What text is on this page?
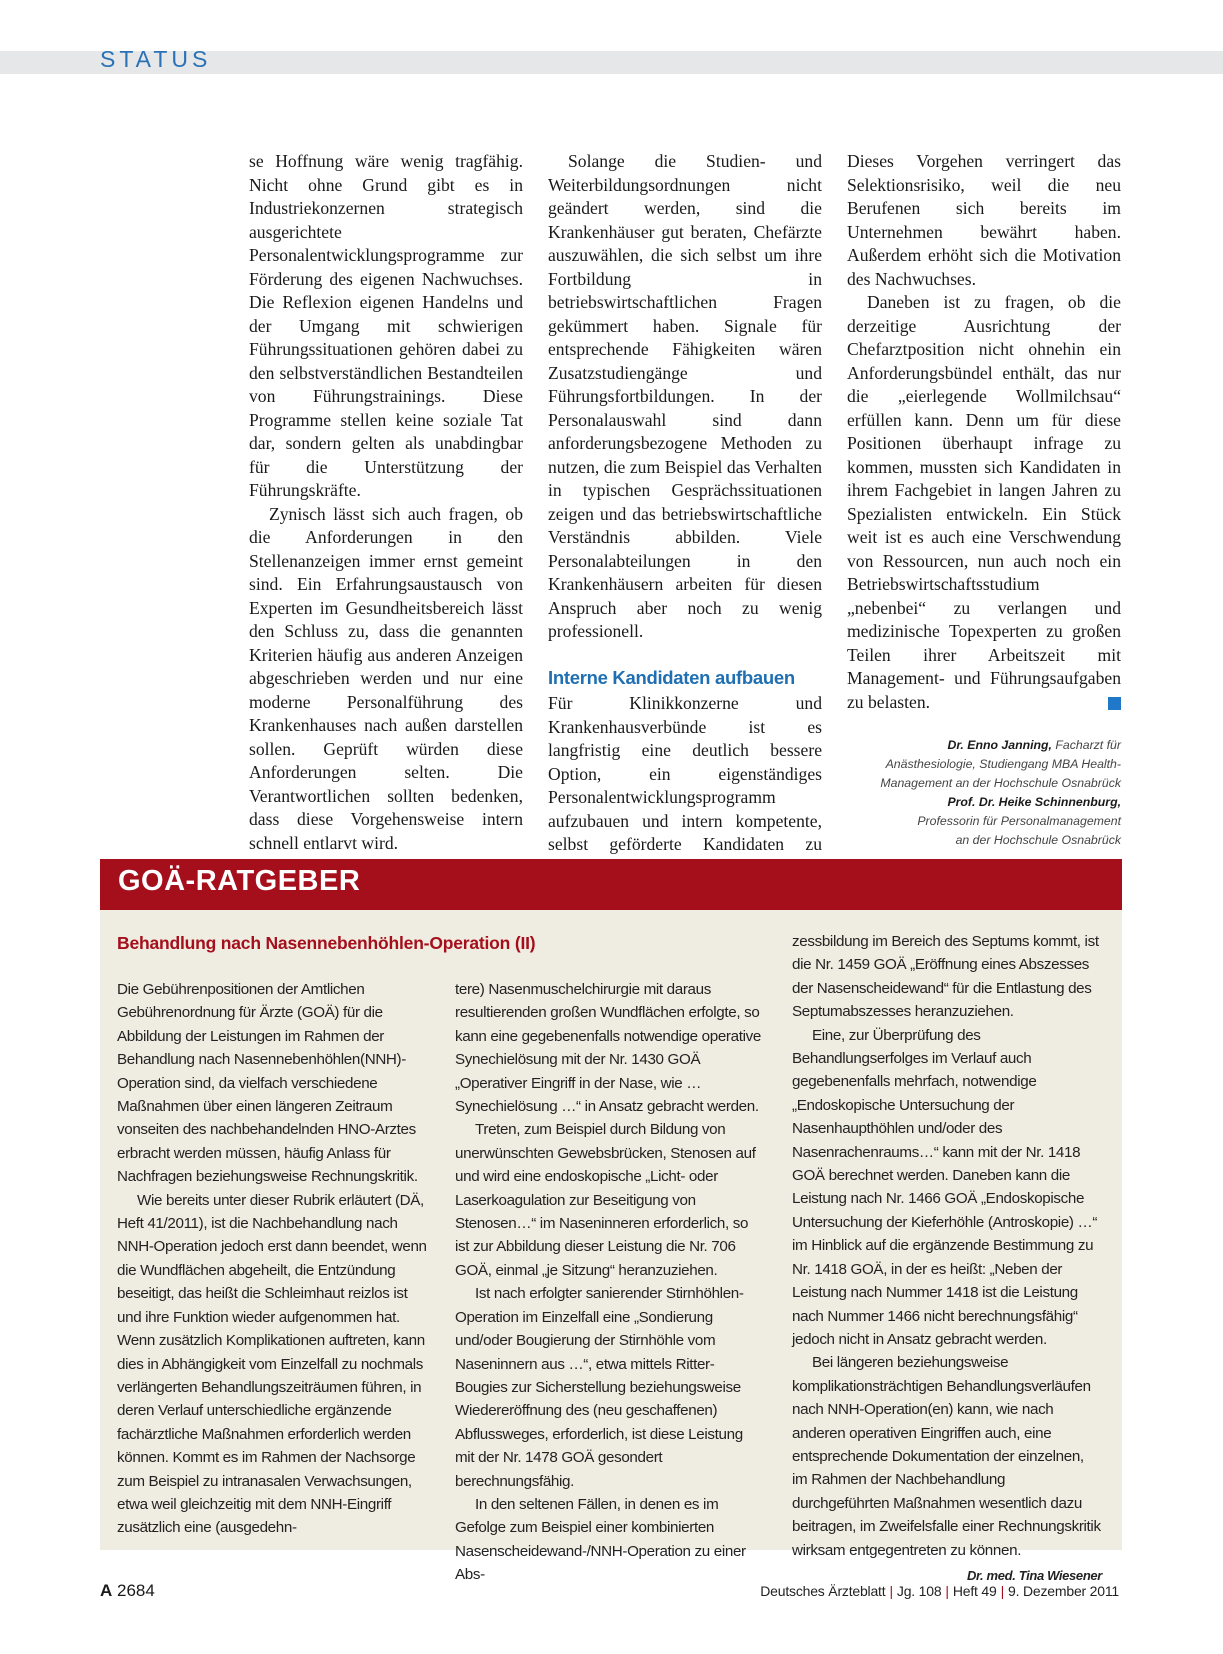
STATUS

se Hoffnung wäre wenig tragfähig. Nicht ohne Grund gibt es in Industriekonzernen strategisch ausgerichtete Personalentwicklungsprogramme zur Förderung des eigenen Nachwuchses. Die Reflexion eigenen Handelns und der Umgang mit schwierigen Führungssituationen gehören dabei zu den selbstverständlichen Bestandteilen von Führungstrainings. Diese Programme stellen keine soziale Tat dar, sondern gelten als unabdingbar für die Unterstützung der Führungskräfte.

Zynisch lässt sich auch fragen, ob die Anforderungen in den Stellenanzeigen immer ernst gemeint sind. Ein Erfahrungsaustausch von Experten im Gesundheitsbereich lässt den Schluss zu, dass die genannten Kriterien häufig aus anderen Anzeigen abgeschrieben werden und nur eine moderne Personalführung des Krankenhauses nach außen darstellen sollen. Geprüft würden diese Anforderungen selten. Die Verantwortlichen sollten bedenken, dass diese Vorgehensweise intern schnell entlarvt wird.

Solange die Studien- und Weiterbildungsordnungen nicht geändert werden, sind die Krankenhäuser gut beraten, Chefärzte auszuwählen, die sich selbst um ihre Fortbildung in betriebswirtschaftlichen Fragen gekümmert haben. Signale für entsprechende Fähigkeiten wären Zusatzstudiengänge und Führungsfortbildungen. In der Personalauswahl sind dann anforderungsbezogene Methoden zu nutzen, die zum Beispiel das Verhalten in typischen Gesprächssituationen zeigen und das betriebswirtschaftliche Verständnis abbilden. Viele Personalabteilungen in den Krankenhäusern arbeiten für diesen Anspruch aber noch zu wenig professionell.

Interne Kandidaten aufbauen

Für Klinikkonzerne und Krankenhausverbünde ist es langfristig eine deutlich bessere Option, ein eigenständiges Personalentwicklungsprogramm aufzubauen und intern kompetente, selbst geförderte Kandidaten zu

Dieses Vorgehen verringert das Selektionsrisiko, weil die neu Berufenen sich bereits im Unternehmen bewährt haben. Außerdem erhöht sich die Motivation des Nachwuchses.

Daneben ist zu fragen, ob die derzeitige Ausrichtung der Chefarztposition nicht ohnehin ein Anforderungsbündel enthält, das nur die „eierlegende Wollmilchsau“ erfüllen kann. Denn um für diese Positionen überhaupt infrage zu kommen, mussten sich Kandidaten in ihrem Fachgebiet in langen Jahren zu Spezialisten entwickeln. Ein Stück weit ist es auch eine Verschwendung von Ressourcen, nun auch noch ein Betriebswirtschaftsstudium „nebenbei“ zu verlangen und medizinische Topexperten zu großen Teilen ihrer Arbeitszeit mit Management- und Führungsaufgaben zu belasten.

Dr. Enno Janning, Facharzt für
Anästhesiologie, Studiengang MBA Health-
Management an der Hochschule Osnabrück
Prof. Dr. Heike Schinnenburg,
Professorin für Personalmanagement
an der Hochschule Osnabrück

GOÄ-RATGEBER
Behandlung nach Nasennebenhöhlen-Operation (II)

Die Gebührenpositionen der Amtlichen Gebührenordnung für Ärzte (GOÄ) für die Abbildung der Leistungen im Rahmen der Behandlung nach Nasennebenhöhlen(NNH)-Operation sind, da vielfach verschiedene Maßnahmen über einen längeren Zeitraum vonseiten des nachbehandelnden HNO-Arztes erbracht werden müssen, häufig Anlass für Nachfragen beziehungsweise Rechnungskritik.

Wie bereits unter dieser Rubrik erläutert (DÄ, Heft 41/2011), ist die Nachbehandlung nach NNH-Operation jedoch erst dann beendet, wenn die Wundflächen abgeheilt, die Entzündung beseitigt, das heißt die Schleimhaut reizlos ist und ihre Funktion wieder aufgenommen hat. Wenn zusätzlich Komplikationen auftreten, kann dies in Abhängigkeit vom Einzelfall zu nochmals verlängerten Behandlungszeiträumen führen, in deren Verlauf unterschiedliche ergänzende fachärztliche Maßnahmen erforderlich werden können. Kommt es im Rahmen der Nachsorge zum Beispiel zu intranasalen Verwachsungen, etwa weil gleichzeitig mit dem NNH-Eingriff zusätzlich eine (ausgedehn-

tere) Nasenmuschelchirurgie mit daraus resultierenden großen Wundflächen erfolgte, so kann eine gegebenenfalls notwendige operative Synechielösung mit der Nr. 1430 GOÄ „Operativer Eingriff in der Nase, wie … Synechielösung …“ in Ansatz gebracht werden.

Treten, zum Beispiel durch Bildung von unerwünschten Gewebsbrücken, Stenosen auf und wird eine endoskopische „Licht- oder Laserkoagulation zur Beseitigung von Stenosen…“ im Naseninneren erforderlich, so ist zur Abbildung dieser Leistung die Nr. 706 GOÄ, einmal „je Sitzung“ heranzuziehen.

Ist nach erfolgter sanierender Stirnhöhlen-Operation im Einzelfall eine „Sondierung und/oder Bougierung der Stirnhöhle vom Naseninnern aus …“, etwa mittels Ritter-Bougies zur Sicherstellung beziehungsweise Wiedereröffnung des (neu geschaffenen) Abflussweges, erforderlich, ist diese Leistung mit der Nr. 1478 GOÄ gesondert berechnungsfähig.

In den seltenen Fällen, in denen es im Gefolge zum Beispiel einer kombinierten Nasenscheidewand-/NNH-Operation zu einer Abs-

zessbildung im Bereich des Septums kommt, ist die Nr. 1459 GOÄ „Eröffnung eines Abszesses der Nasenscheidewand“ für die Entlastung des Septumabszesses heranzuziehen.

Eine, zur Überprüfung des Behandlungserfolges im Verlauf auch gegebenenfalls mehrfach, notwendige „Endoskopische Untersuchung der Nasenhaupthöhlen und/oder des Nasenrachenraums…“ kann mit der Nr. 1418 GOÄ berechnet werden. Daneben kann die Leistung nach Nr. 1466 GOÄ „Endoskopische Untersuchung der Kieferhöhle (Antroskopie) …“ im Hinblick auf die ergänzende Bestimmung zu Nr. 1418 GOÄ, in der es heißt: „Neben der Leistung nach Nummer 1418 ist die Leistung nach Nummer 1466 nicht berechnungsfähig“ jedoch nicht in Ansatz gebracht werden.

Bei längeren beziehungsweise komplikationsträchtigen Behandlungsverläufen nach NNH-Operation(en) kann, wie nach anderen operativen Eingriffen auch, eine entsprechende Dokumentation der einzelnen, im Rahmen der Nachbehandlung durchgeführten Maßnahmen wesentlich dazu beitragen, im Zweifelsfalle einer Rechnungskritik wirksam entgegentreten zu können.
Dr. med. Tina Wiesener

A 2684	Deutsches Ärzteblatt | Jg. 108 | Heft 49 | 9. Dezember 2011
